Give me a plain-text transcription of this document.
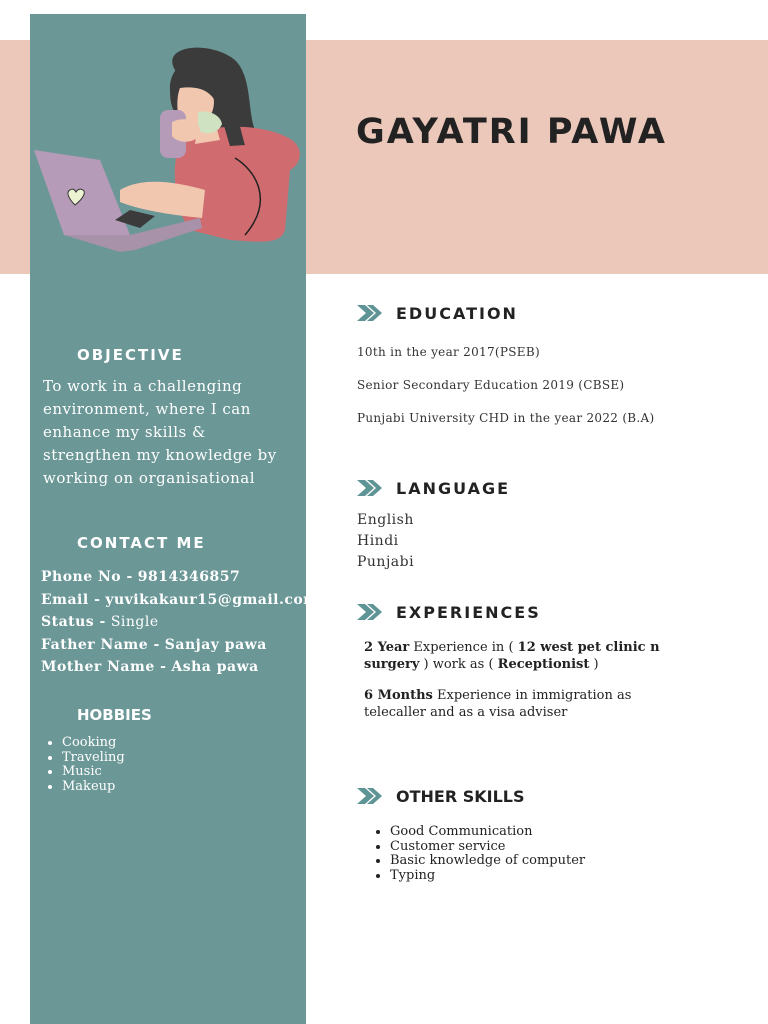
GAYATRI PAWA
OBJECTIVE
To work in a challenging environment, where I can enhance my skills & strengthen my knowledge by working on organisational
CONTACT ME
Phone No - 9814346857
Email - yuvikakaur15@gmail.com
Status - Single
Father Name - Sanjay pawa
Mother Name - Asha pawa
HOBBIES
• Cooking
• Traveling
• Music
• Makeup
EDUCATION
10th in the year 2017(PSEB)
Senior Secondary Education 2019 (CBSE)
Punjabi University CHD in the year 2022 (B.A)
LANGUAGE
English
Hindi
Punjabi
EXPERIENCES
2 Year Experience in ( 12 west pet clinic n surgery ) work as ( Receptionist )
6 Months Experience in immigration as telecaller and as a visa adviser
OTHER SKILLS
• Good Communication
• Customer service
• Basic knowledge of computer
• Typing
